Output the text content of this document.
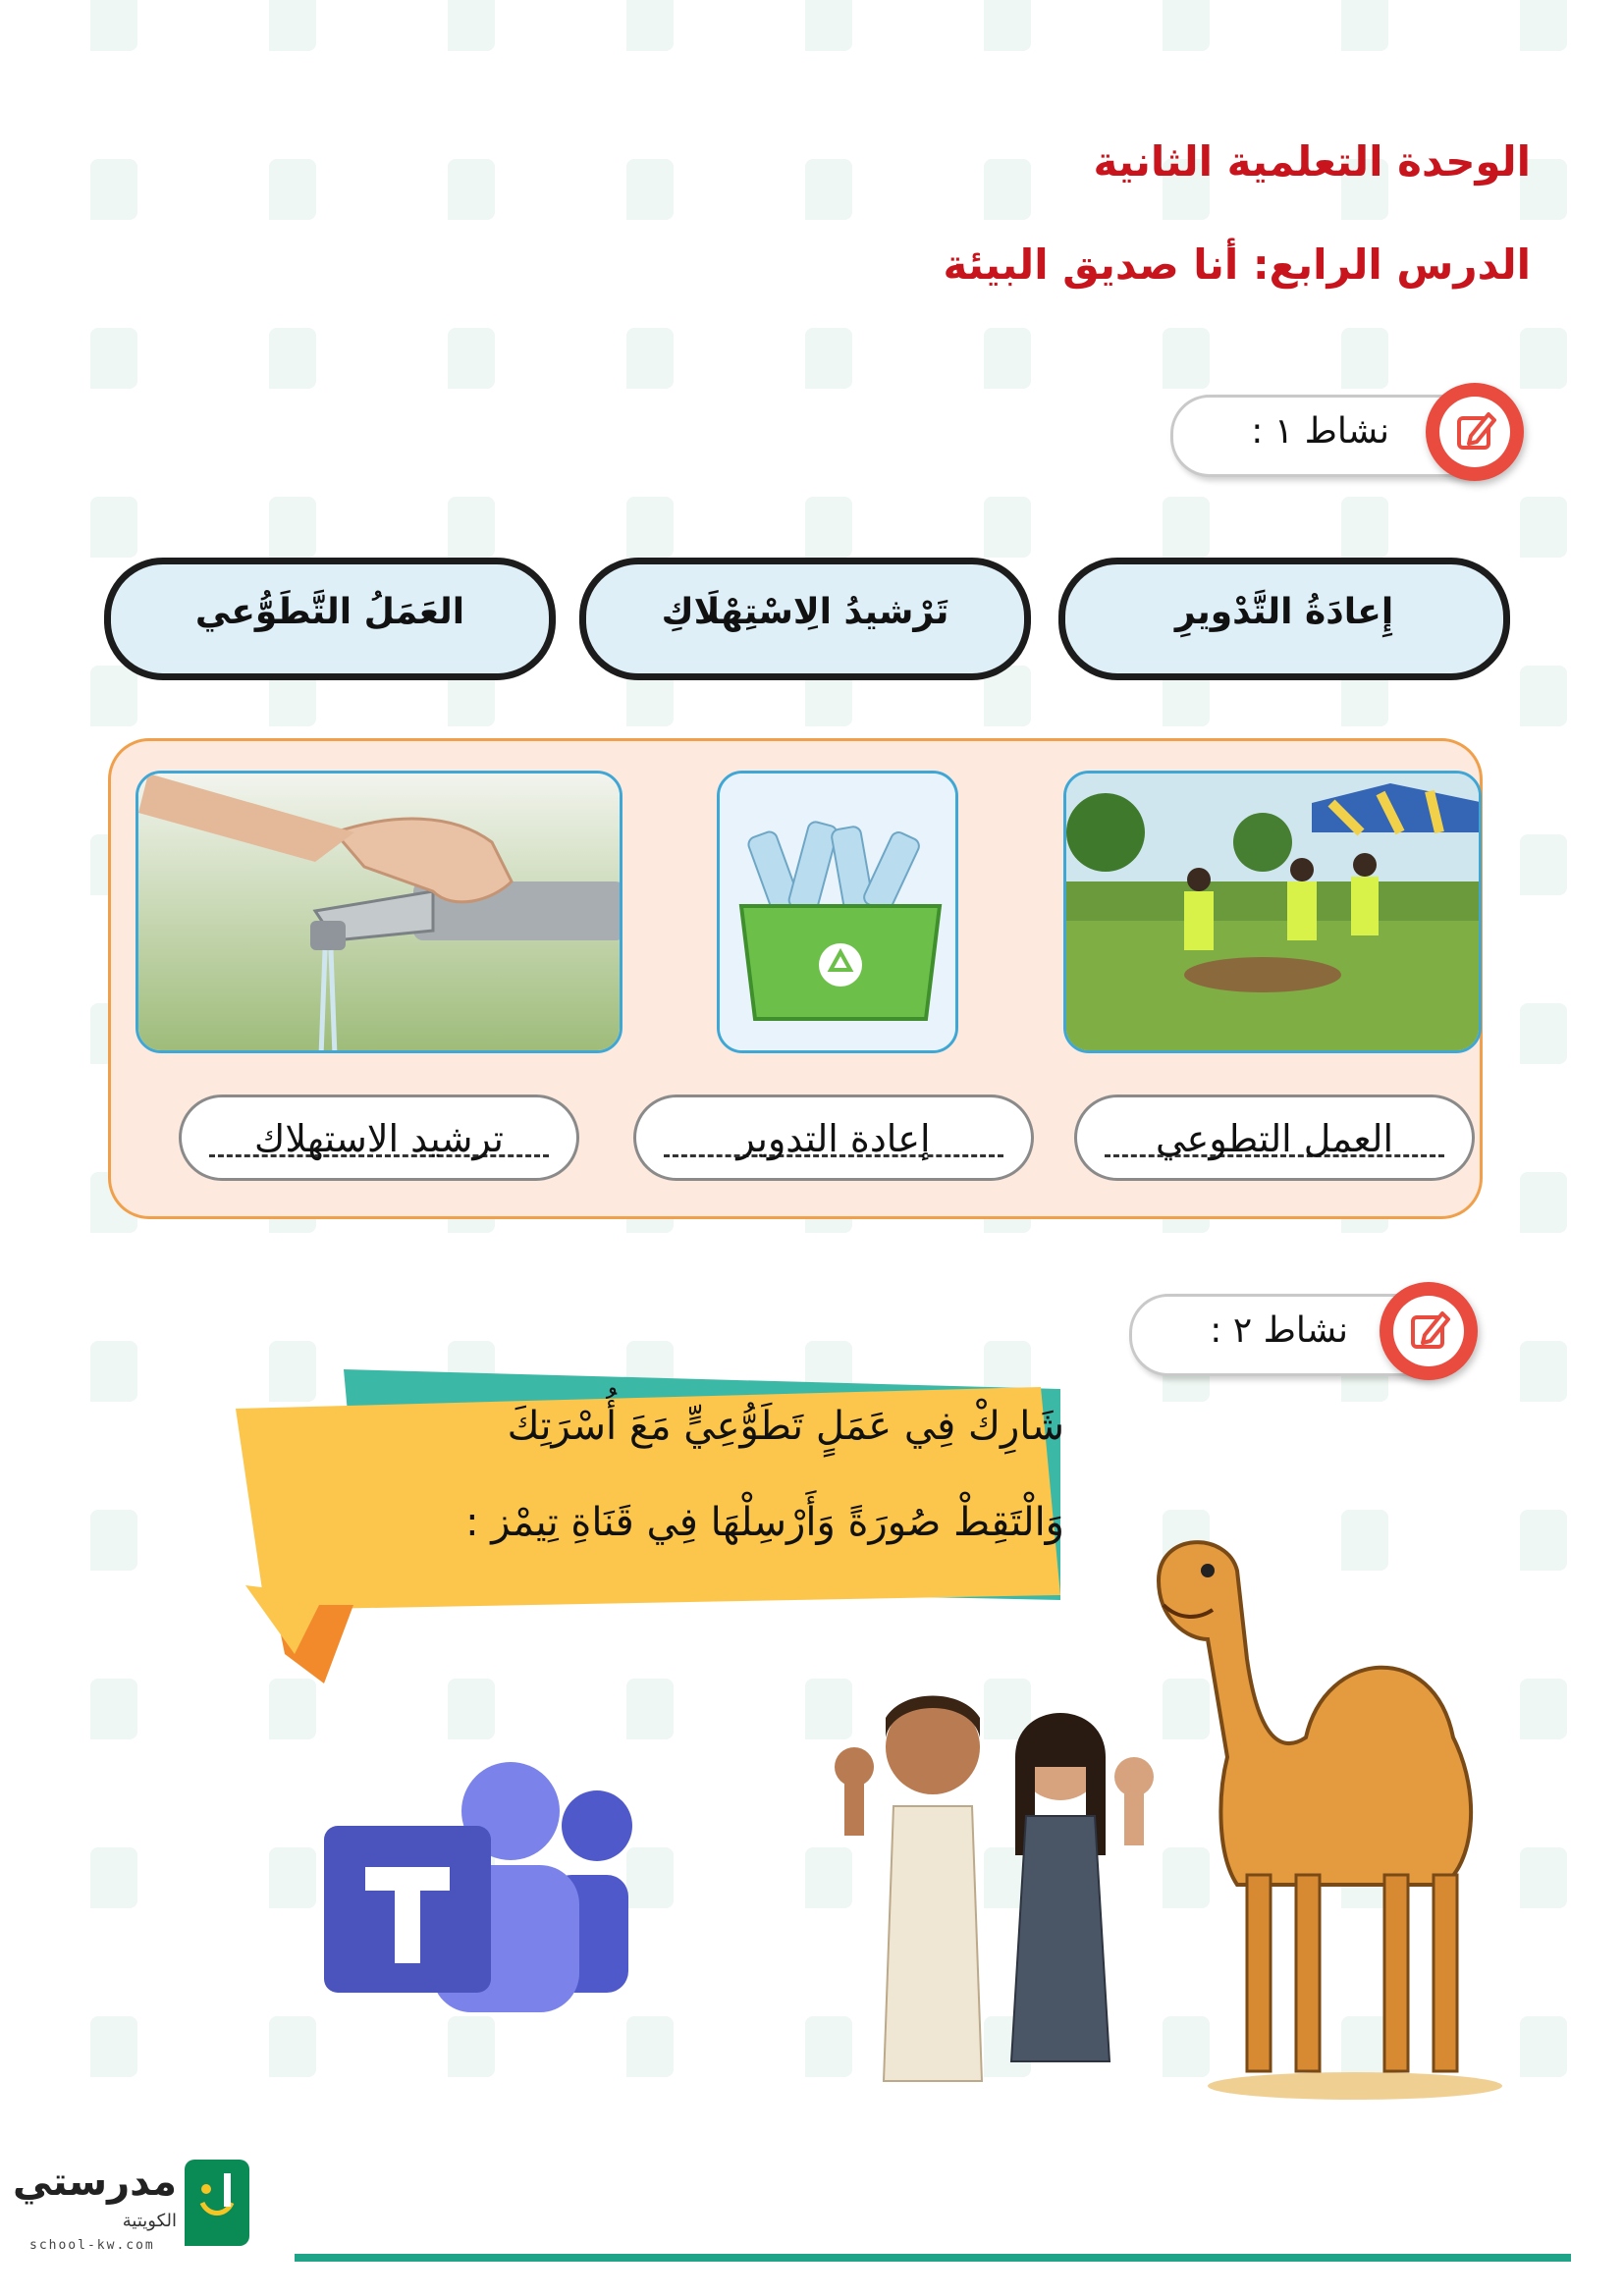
الوحدة التعلمية الثانية
الدرس الرابع: أنا صديق البيئة
نشاط ١ :
إِعادَةُ التَّدْويرِ
تَرْشيدُ الِاسْتِهْلَاكِ
العَمَلُ التَّطَوُّعي
العمل التطوعي
إعادة التدوير
ترشيد الاستهلاك
نشاط ٢ :
شَارِكْ فِي عَمَلٍ تَطَوُّعِيٍّ مَعَ أُسْرَتِكَ
وَالْتَقِطْ صُورَةً وَأَرْسِلْهَا فِي قَنَاةِ تِيمْز :
مدرستي
الكويتية
school-kw.com
